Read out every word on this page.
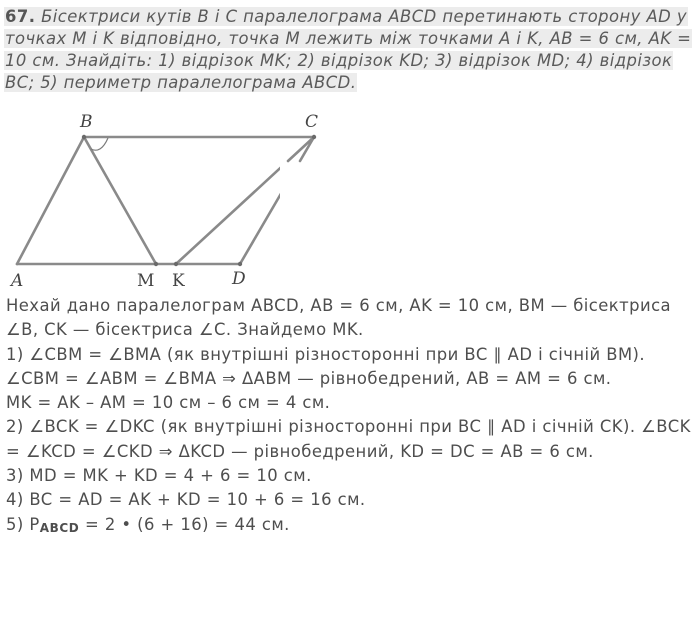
67. Бісектриси кутів B і C паралелограма ABCD перетинають сторону AD у точках M і K відповідно, точка M лежить між точками A і K, AB = 6 см, AK = 10 см. Знайдіть: 1) відрізок MK; 2) відрізок KD; 3) відрізок MD; 4) відрізок BC; 5) периметр паралелограма ABCD.
B
A	D
M K
C

Нехай дано паралелограм ABCD, AB = 6 см, AK = 10 см, BM — бісектриса ∠B, CK — бісектриса ∠C. Знайдемо MK.

1) ∠CBM = ∠BMA (як внутрішні різносторонні при BC ∥ AD і січній BM). ∠CBM = ∠ABM = ∠BMA ⇒ ΔABM — рівнобедрений, AB = AM = 6 см.

MK = AK – AM = 10 см – 6 см = 4 см.

2) ∠BCK = ∠DKC (як внутрішні різносторонні при BC ∥ AD і січній CK). ∠BCK = ∠KCD = ∠CKD ⇒ ΔKCD — рівнобедрений, KD = DC = AB = 6 см.

3) MD = MK + KD = 4 + 6 = 10 см.

4) BC = AD = AK + KD = 10 + 6 = 16 см.

5) PABCD = 2 • (6 + 16) = 44 см.
